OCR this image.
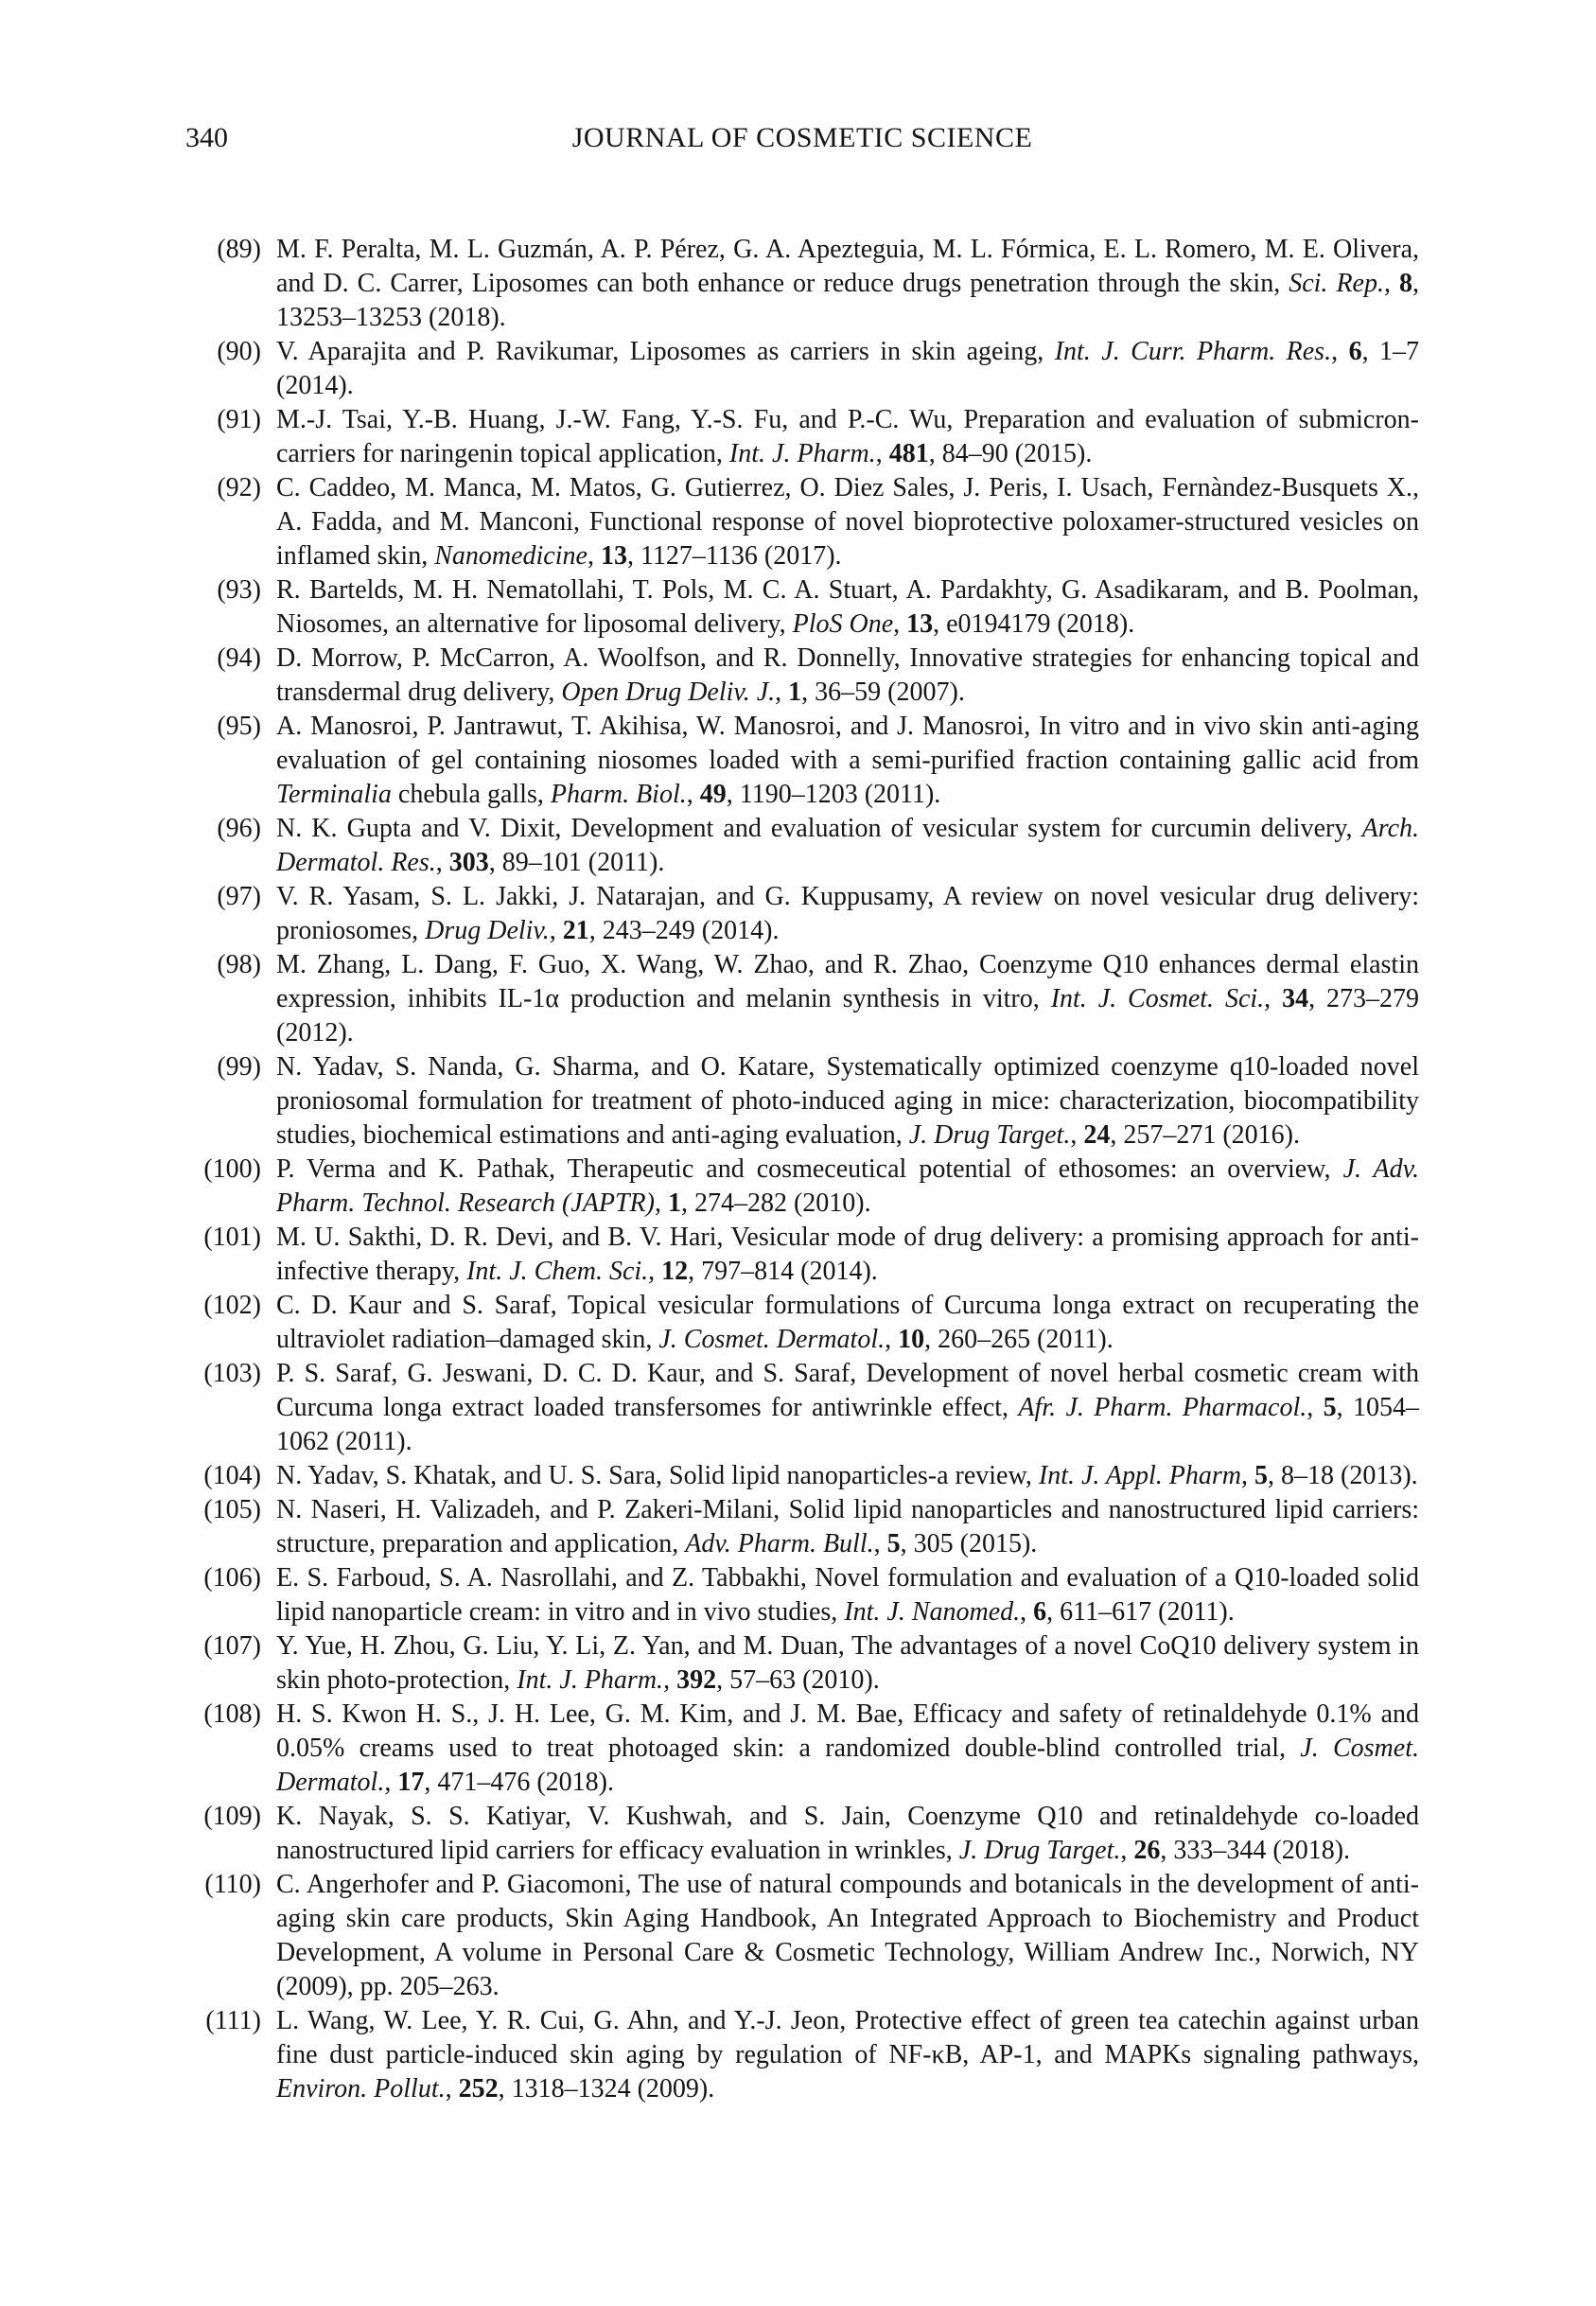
340	JOURNAL OF COSMETIC SCIENCE
(89) M. F. Peralta, M. L. Guzmán, A. P. Pérez, G. A. Apezteguia, M. L. Fórmica, E. L. Romero, M. E. Olivera, and D. C. Carrer, Liposomes can both enhance or reduce drugs penetration through the skin, Sci. Rep., 8, 13253–13253 (2018).
(90) V. Aparajita and P. Ravikumar, Liposomes as carriers in skin ageing, Int. J. Curr. Pharm. Res., 6, 1–7 (2014).
(91) M.-J. Tsai, Y.-B. Huang, J.-W. Fang, Y.-S. Fu, and P.-C. Wu, Preparation and evaluation of submicron-carriers for naringenin topical application, Int. J. Pharm., 481, 84–90 (2015).
(92) C. Caddeo, M. Manca, M. Matos, G. Gutierrez, O. Diez Sales, J. Peris, I. Usach, Fernàndez-Busquets X., A. Fadda, and M. Manconi, Functional response of novel bioprotective poloxamer-structured vesicles on inflamed skin, Nanomedicine, 13, 1127–1136 (2017).
(93) R. Bartelds, M. H. Nematollahi, T. Pols, M. C. A. Stuart, A. Pardakhty, G. Asadikaram, and B. Poolman, Niosomes, an alternative for liposomal delivery, PloS One, 13, e0194179 (2018).
(94) D. Morrow, P. McCarron, A. Woolfson, and R. Donnelly, Innovative strategies for enhancing topical and transdermal drug delivery, Open Drug Deliv. J., 1, 36–59 (2007).
(95) A. Manosroi, P. Jantrawut, T. Akihisa, W. Manosroi, and J. Manosroi, In vitro and in vivo skin anti-aging evaluation of gel containing niosomes loaded with a semi-purified fraction containing gallic acid from Terminalia chebula galls, Pharm. Biol., 49, 1190–1203 (2011).
(96) N. K. Gupta and V. Dixit, Development and evaluation of vesicular system for curcumin delivery, Arch. Dermatol. Res., 303, 89–101 (2011).
(97) V. R. Yasam, S. L. Jakki, J. Natarajan, and G. Kuppusamy, A review on novel vesicular drug delivery: proniosomes, Drug Deliv., 21, 243–249 (2014).
(98) M. Zhang, L. Dang, F. Guo, X. Wang, W. Zhao, and R. Zhao, Coenzyme Q10 enhances dermal elastin expression, inhibits IL-1α production and melanin synthesis in vitro, Int. J. Cosmet. Sci., 34, 273–279 (2012).
(99) N. Yadav, S. Nanda, G. Sharma, and O. Katare, Systematically optimized coenzyme q10-loaded novel proniosomal formulation for treatment of photo-induced aging in mice: characterization, biocompatibility studies, biochemical estimations and anti-aging evaluation, J. Drug Target., 24, 257–271 (2016).
(100) P. Verma and K. Pathak, Therapeutic and cosmeceutical potential of ethosomes: an overview, J. Adv. Pharm. Technol. Research (JAPTR), 1, 274–282 (2010).
(101) M. U. Sakthi, D. R. Devi, and B. V. Hari, Vesicular mode of drug delivery: a promising approach for anti-infective therapy, Int. J. Chem. Sci., 12, 797–814 (2014).
(102) C. D. Kaur and S. Saraf, Topical vesicular formulations of Curcuma longa extract on recuperating the ultraviolet radiation–damaged skin, J. Cosmet. Dermatol., 10, 260–265 (2011).
(103) P. S. Saraf, G. Jeswani, D. C. D. Kaur, and S. Saraf, Development of novel herbal cosmetic cream with Curcuma longa extract loaded transfersomes for antiwrinkle effect, Afr. J. Pharm. Pharmacol., 5, 1054–1062 (2011).
(104) N. Yadav, S. Khatak, and U. S. Sara, Solid lipid nanoparticles-a review, Int. J. Appl. Pharm, 5, 8–18 (2013).
(105) N. Naseri, H. Valizadeh, and P. Zakeri-Milani, Solid lipid nanoparticles and nanostructured lipid carriers: structure, preparation and application, Adv. Pharm. Bull., 5, 305 (2015).
(106) E. S. Farboud, S. A. Nasrollahi, and Z. Tabbakhi, Novel formulation and evaluation of a Q10-loaded solid lipid nanoparticle cream: in vitro and in vivo studies, Int. J. Nanomed., 6, 611–617 (2011).
(107) Y. Yue, H. Zhou, G. Liu, Y. Li, Z. Yan, and M. Duan, The advantages of a novel CoQ10 delivery system in skin photo-protection, Int. J. Pharm., 392, 57–63 (2010).
(108) H. S. Kwon H. S., J. H. Lee, G. M. Kim, and J. M. Bae, Efficacy and safety of retinaldehyde 0.1% and 0.05% creams used to treat photoaged skin: a randomized double-blind controlled trial, J. Cosmet. Dermatol., 17, 471–476 (2018).
(109) K. Nayak, S. S. Katiyar, V. Kushwah, and S. Jain, Coenzyme Q10 and retinaldehyde co-loaded nanostructured lipid carriers for efficacy evaluation in wrinkles, J. Drug Target., 26, 333–344 (2018).
(110) C. Angerhofer and P. Giacomoni, The use of natural compounds and botanicals in the development of anti-aging skin care products, Skin Aging Handbook, An Integrated Approach to Biochemistry and Product Development, A volume in Personal Care & Cosmetic Technology, William Andrew Inc., Norwich, NY (2009), pp. 205–263.
(111) L. Wang, W. Lee, Y. R. Cui, G. Ahn, and Y.-J. Jeon, Protective effect of green tea catechin against urban fine dust particle-induced skin aging by regulation of NF-κB, AP-1, and MAPKs signaling pathways, Environ. Pollut., 252, 1318–1324 (2009).
